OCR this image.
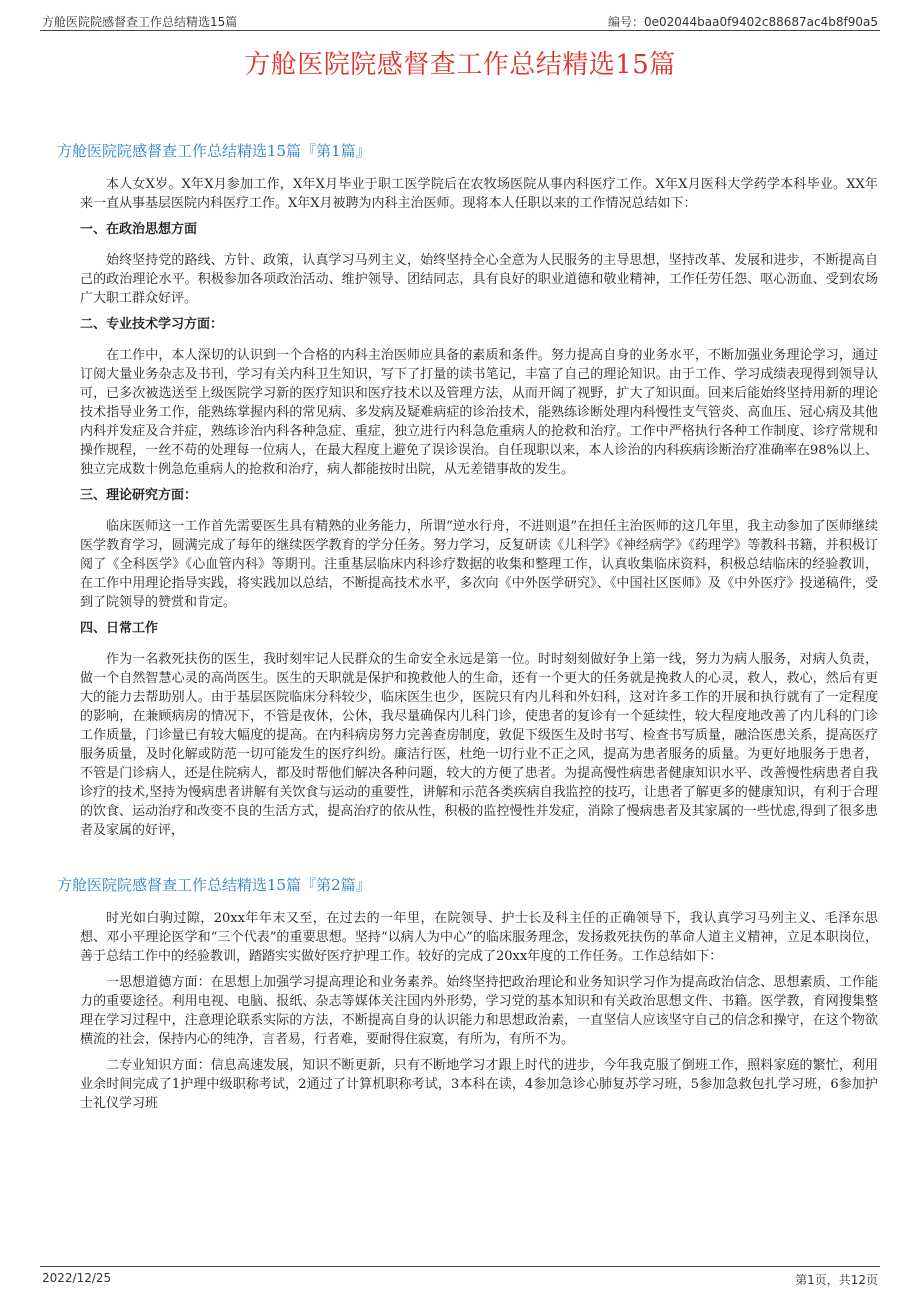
方舱医院院感督查工作总结精选15篇	编号：0e02044baa0f9402c88687ac4b8f90a5
方舱医院院感督查工作总结精选15篇
方舱医院院感督查工作总结精选15篇『第1篇』

本人女X岁。X年X月参加工作，X年X月毕业于职工医学院后在农牧场医院从事内科医疗工作。X年X月医科大学药学本科毕业。XX年来一直从事基层医院内科医疗工作。X年X月被聘为内科主治医师。现将本人任职以来的工作情况总结如下：

一、在政治思想方面

始终坚持党的路线、方针、政策，认真学习马列主义，始终坚持全心全意为人民服务的主导思想，坚持改革、发展和进步，不断提高自己的政治理论水平。积极参加各项政治活动、维护领导、团结同志，具有良好的职业道德和敬业精神，工作任劳任怨、呕心沥血、受到农场广大职工群众好评。

二、专业技术学习方面：

在工作中，本人深切的认识到一个合格的内科主治医师应具备的素质和条件。努力提高自身的业务水平，不断加强业务理论学习，通过订阅大量业务杂志及书刊，学习有关内科卫生知识，写下了打量的读书笔记，丰富了自己的理论知识。由于工作、学习成绩表现得到领导认可，已多次被选送至上级医院学习新的医疗知识和医疗技术以及管理方法，从而开阔了视野，扩大了知识面。回来后能始终坚持用新的理论技术指导业务工作，能熟练掌握内科的常见病、多发病及疑难病症的诊治技术，能熟练诊断处理内科慢性支气管炎、高血压、冠心病及其他内科并发症及合并症，熟练诊治内科各种急症、重症，独立进行内科急危重病人的抢救和治疗。工作中严格执行各种工作制度、诊疗常规和操作规程，一丝不苟的处理每一位病人，在最大程度上避免了误诊误治。自任现职以来，本人诊治的内科疾病诊断治疗准确率在98%以上、独立完成数十例急危重病人的抢救和治疗，病人都能按时出院，从无差错事故的发生。

三、理论研究方面：

临床医师这一工作首先需要医生具有精熟的业务能力，所谓“逆水行舟，不进则退”在担任主治医师的这几年里，我主动参加了医师继续医学教育学习，圆满完成了每年的继续医学教育的学分任务。努力学习，反复研读《儿科学》《神经病学》《药理学》等教科书籍，并积极订阅了《全科医学》《心血管内科》等期刊。注重基层临床内科诊疗数据的收集和整理工作，认真收集临床资料，积极总结临床的经验教训，在工作中用理论指导实践，将实践加以总结，不断提高技术水平，多次向《中外医学研究》、《中国社区医师》及《中外医疗》投递稿件，受到了院领导的赞赏和肯定。

四、日常工作

作为一名救死扶伤的医生，我时刻牢记人民群众的生命安全永远是第一位。时时刻刻做好争上第一线，努力为病人服务，对病人负责，做一个自然智慧心灵的高尚医生。医生的天职就是保护和挽救他人的生命，还有一个更大的任务就是挽救人的心灵，救人，救心，然后有更大的能力去帮助别人。由于基层医院临床分科较少，临床医生也少，医院只有内儿科和外妇科，这对许多工作的开展和执行就有了一定程度的影响，在兼顾病房的情况下，不管是夜休，公休，我尽量确保内儿科门诊，使患者的复诊有一个延续性，较大程度地改善了内儿科的门诊工作质量，门诊量已有较大幅度的提高。在内科病房努力完善查房制度，敦促下级医生及时书写、检查书写质量，融洽医患关系，提高医疗服务质量，及时化解或防范一切可能发生的医疗纠纷。廉洁行医，杜绝一切行业不正之风，提高为患者服务的质量。为更好地服务于患者，不管是门诊病人，还是住院病人，都及时帮他们解决各种问题，较大的方便了患者。为提高慢性病患者健康知识水平、改善慢性病患者自我诊疗的技术,坚持为慢病患者讲解有关饮食与运动的重要性，讲解和示范各类疾病自我监控的技巧，让患者了解更多的健康知识，有利于合理的饮食、运动治疗和改变不良的生活方式，提高治疗的依从性，积极的监控慢性并发症，消除了慢病患者及其家属的一些忧虑,得到了很多患者及家属的好评，

方舱医院院感督查工作总结精选15篇『第2篇』

时光如白驹过隙，20xx年年末又至，在过去的一年里，在院领导、护士长及科主任的正确领导下，我认真学习马列主义、毛泽东思想、邓小平理论医学和“三个代表”的重要思想。坚持“以病人为中心”的临床服务理念，发扬救死扶伤的革命人道主义精神，立足本职岗位，善于总结工作中的经验教训，踏踏实实做好医疗护理工作。较好的完成了20xx年度的工作任务。工作总结如下：

一思想道德方面：在思想上加强学习提高理论和业务素养。始终坚持把政治理论和业务知识学习作为提高政治信念、思想素质、工作能力的重要途径。利用电视、电脑、报纸、杂志等媒体关注国内外形势，学习党的基本知识和有关政治思想文件、书籍。医学教，育网搜集整理在学习过程中，注意理论联系实际的方法，不断提高自身的认识能力和思想政治素，一直坚信人应该坚守自己的信念和操守，在这个物欲横流的社会，保持内心的纯净，言者易，行者难，要耐得住寂寞，有所为，有所不为。

二专业知识方面：信息高速发展，知识不断更新，只有不断地学习才跟上时代的进步，今年我克服了倒班工作，照料家庭的繁忙，利用业余时间完成了1护理中级职称考试，2通过了计算机职称考试，3本科在读，4参加急诊心肺复苏学习班，5参加急救包扎学习班，6参加护士礼仪学习班

2022/12/25	第1页，共12页
